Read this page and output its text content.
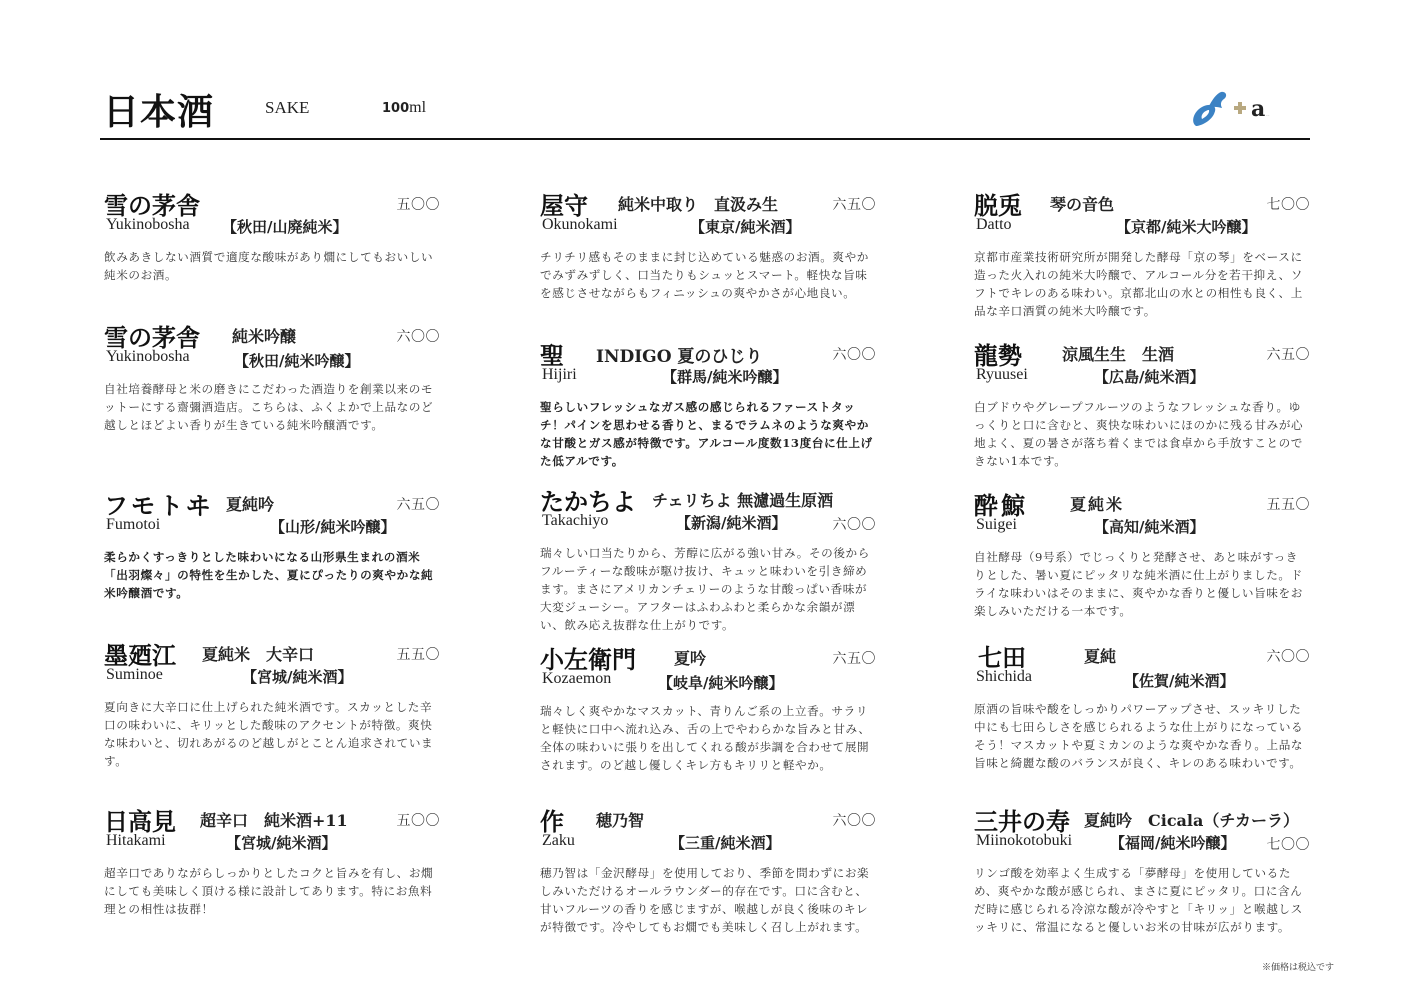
日本酒	SAKE	100ml	a ..
雪の茅舎	五〇〇
Yukinobosha 【秋田/山廃純米】
飲みあきしない酒質で適度な酸味があり燗にしてもおいしい純米のお酒。
雪の茅舎 純米吟醸	六〇〇
Yukinobosha	【秋田/純米吟醸】
自社培養酵母と米の磨きにこだわった酒造りを創業以来のモットーにする齋彌酒造店。こちらは、ふくよかで上品なのど越しとほどよい香りが生きている純米吟醸酒です。
フモトヰ 夏純吟	六五〇
Fumotoi	【山形/純米吟醸】
柔らかくすっきりとした味わいになる山形県生まれの酒米「出羽燦々」の特性を生かした、夏にぴったりの爽やかな純米吟醸酒です。
墨廼江 夏純米　大辛口	五五〇
Suminoe	【宮城/純米酒】
夏向きに大辛口に仕上げられた純米酒です。スカッとした辛口の味わいに、キリッとした酸味のアクセントが特徴。爽快な味わいと、切れあがるのど越しがとことん追求されています。
日高見 超辛口　純米酒+11	五〇〇
Hitakami	【宮城/純米酒】
超辛口でありながらしっかりとしたコクと旨みを有し、お燗にしても美味しく頂ける様に設計してあります。特にお魚料理との相性は抜群！
屋守 純米中取り　直汲み生	六五〇
Okunokami	【東京/純米酒】
チリチリ感もそのままに封じ込めている魅惑のお酒。爽やかでみずみずしく、口当たりもシュッとスマート。軽快な旨味を感じさせながらもフィニッシュの爽やかさが心地良い。
聖 INDIGO 夏のひじり	六〇〇
Hijiri	【群馬/純米吟醸】
聖らしいフレッシュなガス感の感じられるファーストタッチ！パインを思わせる香りと、まるでラムネのような爽やかな甘酸とガス感が特徴です。アルコール度数13度台に仕上げた低アルです。
たかちよ チェリちよ 無濾過生原酒
Takachiyo	【新潟/純米酒】	六〇〇
瑞々しい口当たりから、芳醇に広がる強い甘み。その後からフルーティーな酸味が駆け抜け、キュッと味わいを引き締めます。まさにアメリカンチェリーのような甘酸っぱい香味が大変ジューシー。アフターはふわふわと柔らかな余韻が漂い、飲み応え抜群な仕上がりです。
小左衛門 夏吟	六五〇
Kozaemon	【岐阜/純米吟醸】
瑞々しく爽やかなマスカット、青りんご系の上立香。サラリと軽快に口中へ流れ込み、舌の上でやわらかな旨みと甘み、全体の味わいに張りを出してくれる酸が歩調を合わせて展開されます。のど越し優しくキレ方もキリリと軽やか。
作 穂乃智	六〇〇
Zaku	【三重/純米酒】
穂乃智は「金沢酵母」を使用しており、季節を問わずにお楽しみいただけるオールラウンダー的存在です。口に含むと、甘いフルーツの香りを感じますが、喉越しが良く後味のキレが特徴です。冷やしてもお燗でも美味しく召し上がれます。
脱兎 琴の音色	七〇〇
Datto	【京都/純米大吟醸】
京都市産業技術研究所が開発した酵母「京の琴」をベースに造った火入れの純米大吟醸で、アルコール分を若干抑え、ソフトでキレのある味わい。京都北山の水との相性も良く、上品な辛口酒質の純米大吟醸です。
龍勢	涼風生生　生酒	六五〇
Ryuusei	【広島/純米酒】
白ブドウやグレープフルーツのようなフレッシュな香り。ゆっくりと口に含むと、爽快な味わいにほのかに残る甘みが心地よく、夏の暑さが落ち着くまでは食卓から手放すことのできない1本です。
酔鯨	夏純米	五五〇
Suigei	【高知/純米酒】
自社酵母（9号系）でじっくりと発酵させ、あと味がすっきりとした、暑い夏にピッタリな純米酒に仕上がりました。ドライな味わいはそのままに、爽やかな香りと優しい旨味をお楽しみいただける一本です。
七田	夏純	六〇〇
Shichida	【佐賀/純米酒】
原酒の旨味や酸をしっかりパワーアップさせ、スッキリした中にも七田らしさを感じられるような仕上がりになっているそう！マスカットや夏ミカンのような爽やかな香り。上品な旨味と綺麗な酸のバランスが良く、キレのある味わいです。
三井の寿 夏純吟　Cicala（チカーラ）
Miinokotobuki	【福岡/純米吟醸】 七〇〇
リンゴ酸を効率よく生成する「夢酵母」を使用しているため、爽やかな酸が感じられ、まさに夏にピッタリ。口に含んだ時に感じられる冷涼な酸が冷やすと「キリッ」と喉越しスッキリに、常温になると優しいお米の甘味が広がります。
※価格は税込です
